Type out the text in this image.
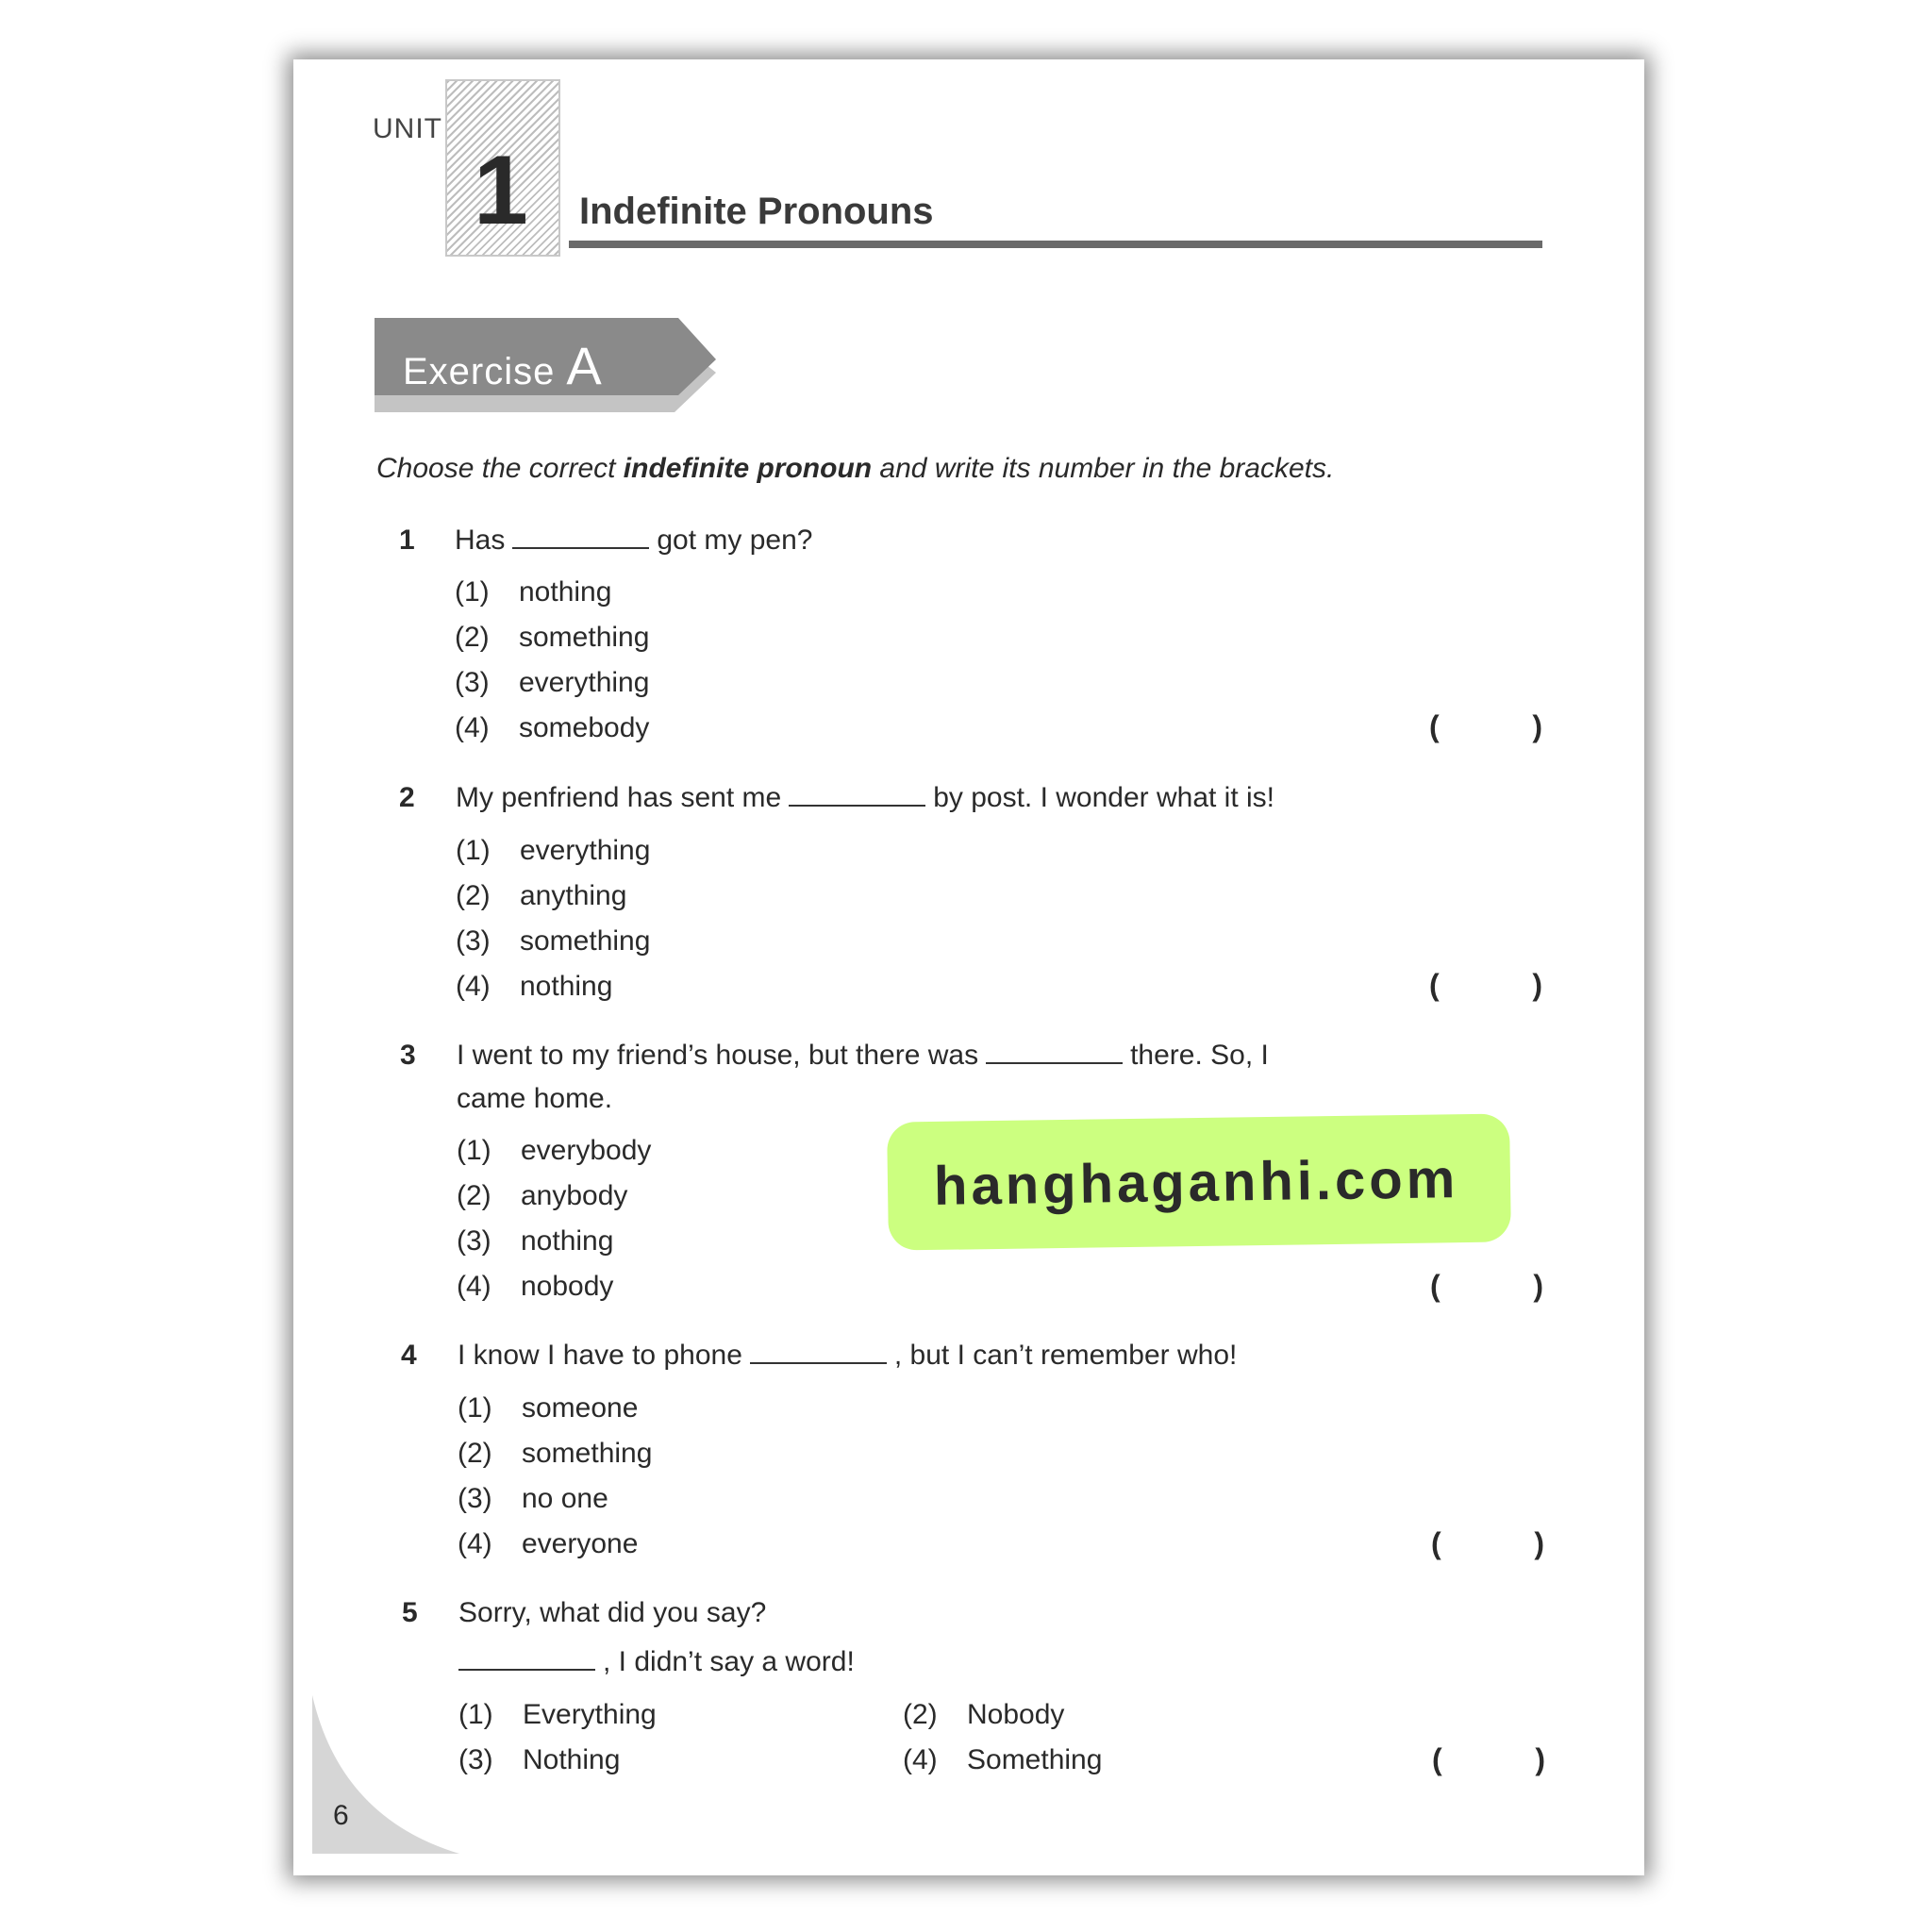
UNIT
1 Indefinite Pronouns
Exercise A
Choose the correct indefinite pronoun and write its number in the brackets.
1 Has	got my pen?
(1) nothing
(2) something
(3) everything
(4) somebody	(	)
2 My penfriend has sent me	by post. I wonder what it is!
(1) everything
(2) anything
(3) something
(4) nothing	(	)
3 I went to my friend’s house, but there was	there. So, I
came home.
(1) everybody
(2) anybody
(3) nothing
(4) nobody	(	)
4 I know I have to phone	, but I can’t remember who!
(1) someone
(2) something
(3) no one
(4) everyone	(	)
5 Sorry, what did you say?
, I didn’t say a word!
(1) Everything	(2) Nobody
(3) Nothing	(4) Something	(	)
hanghaganhi.com
6
